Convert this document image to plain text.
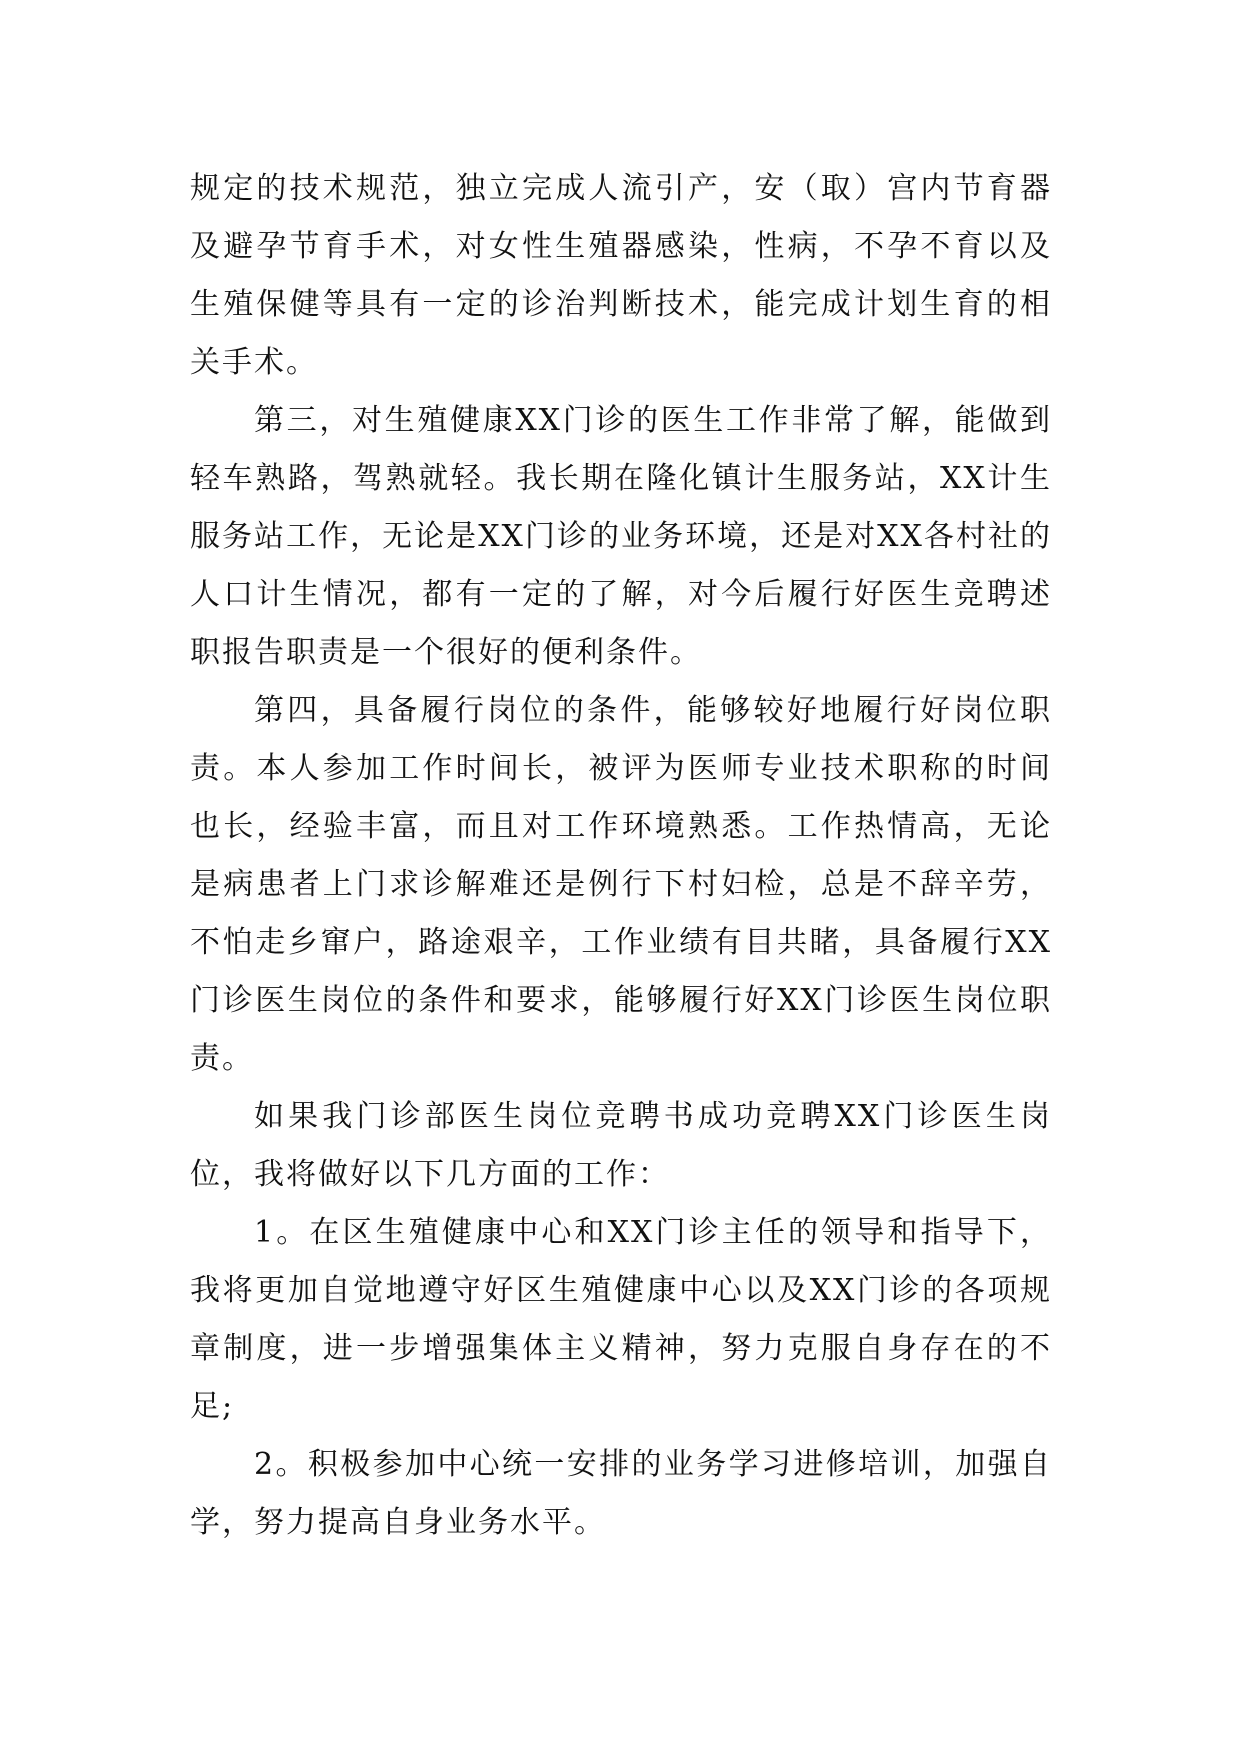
规定的技术规范，独立完成人流引产，安（取）宫内节育器及避孕节育手术，对女性生殖器感染，性病，不孕不育以及生殖保健等具有一定的诊治判断技术，能完成计划生育的相关手术。

第三，对生殖健康XX门诊的医生工作非常了解，能做到轻车熟路，驾熟就轻。我长期在隆化镇计生服务站，XX计生服务站工作，无论是XX门诊的业务环境，还是对XX各村社的人口计生情况，都有一定的了解，对今后履行好医生竞聘述职报告职责是一个很好的便利条件。

第四，具备履行岗位的条件，能够较好地履行好岗位职责。本人参加工作时间长，被评为医师专业技术职称的时间也长，经验丰富，而且对工作环境熟悉。工作热情高，无论是病患者上门求诊解难还是例行下村妇检，总是不辞辛劳，不怕走乡窜户，路途艰辛，工作业绩有目共睹，具备履行XX门诊医生岗位的条件和要求，能够履行好XX门诊医生岗位职责。

如果我门诊部医生岗位竞聘书成功竞聘XX门诊医生岗位，我将做好以下几方面的工作：

1。在区生殖健康中心和XX门诊主任的领导和指导下，我将更加自觉地遵守好区生殖健康中心以及XX门诊的各项规章制度，进一步增强集体主义精神，努力克服自身存在的不足;

2。积极参加中心统一安排的业务学习进修培训，加强自学，努力提高自身业务水平。
